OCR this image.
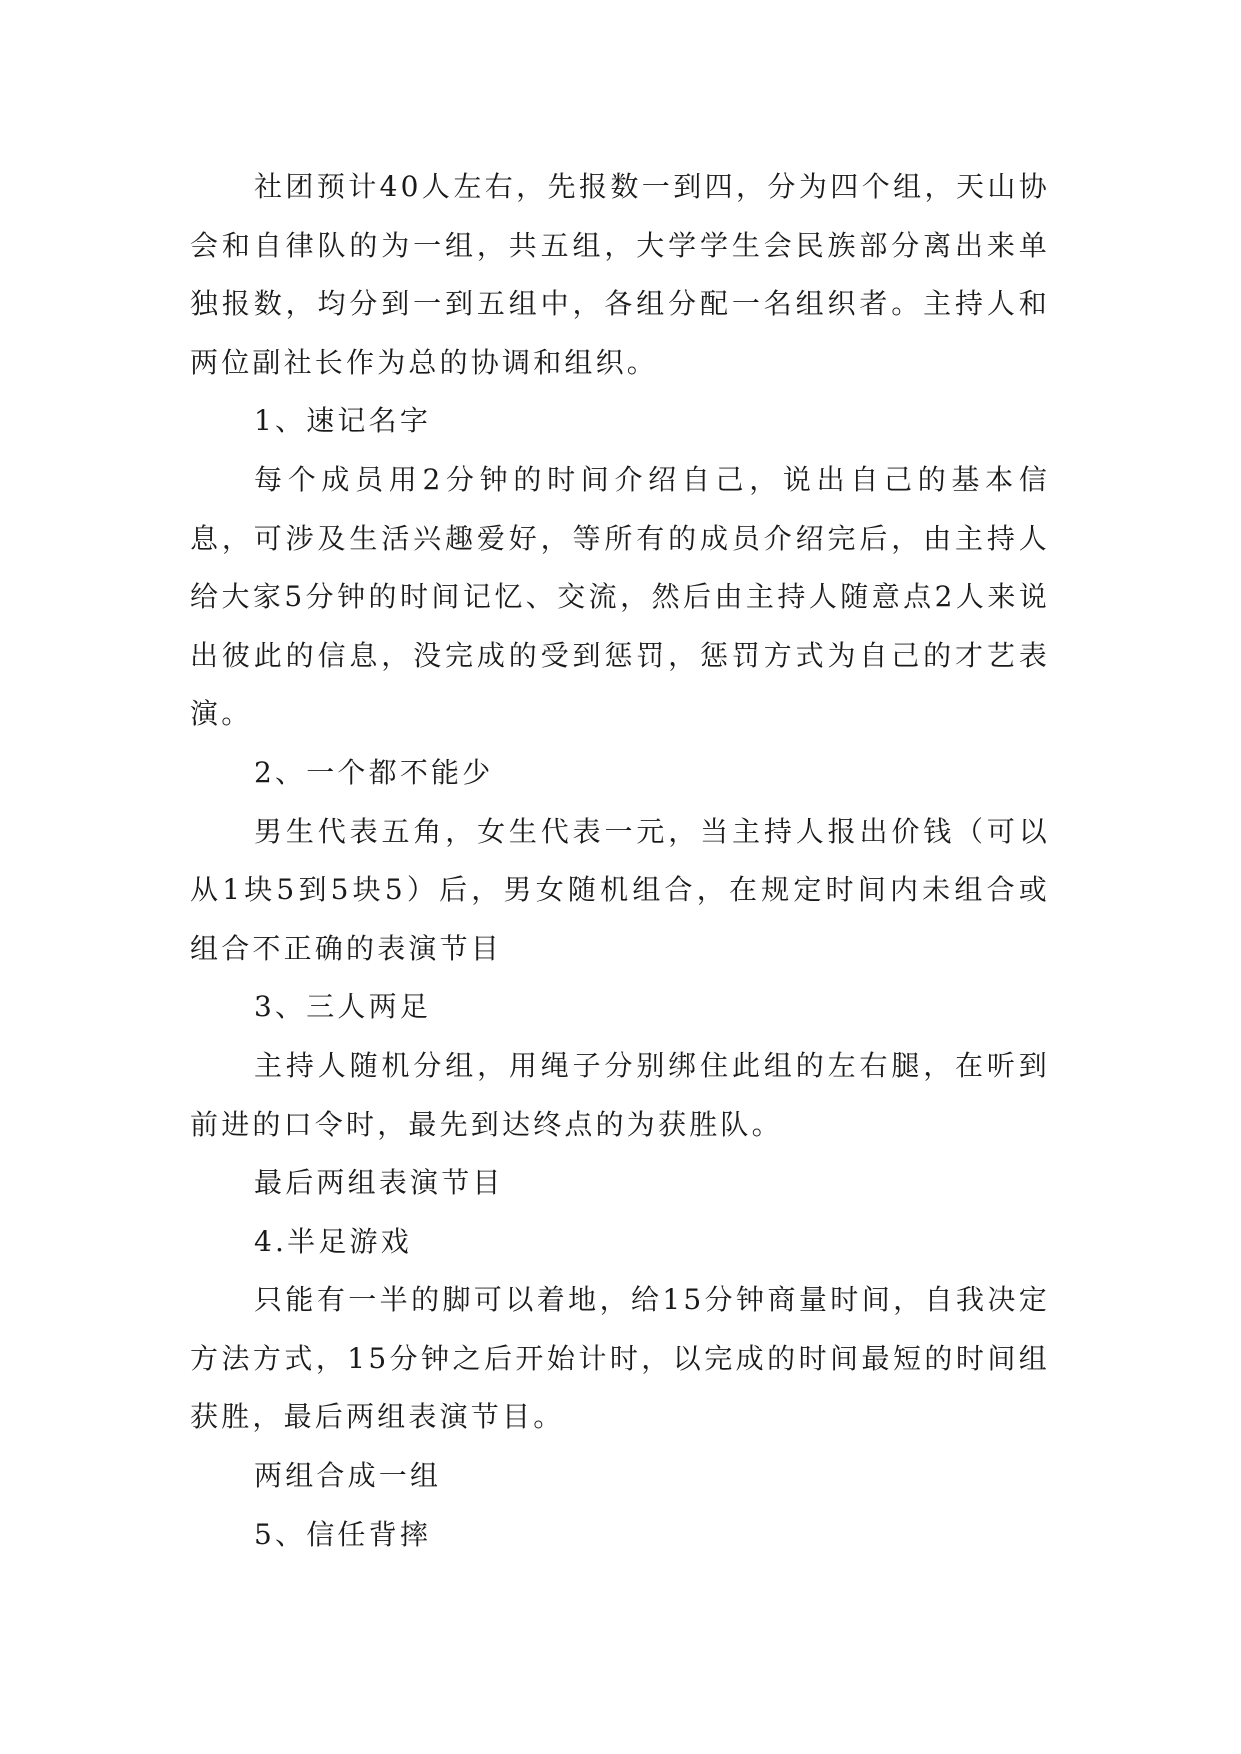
社团预计40人左右，先报数一到四，分为四个组，天山协会和自律队的为一组，共五组，大学学生会民族部分离出来单独报数，均分到一到五组中，各组分配一名组织者。主持人和两位副社长作为总的协调和组织。

1、速记名字

每个成员用2分钟的时间介绍自己，说出自己的基本信息，可涉及生活兴趣爱好，等所有的成员介绍完后，由主持人给大家5分钟的时间记忆、交流，然后由主持人随意点2人来说出彼此的信息，没完成的受到惩罚，惩罚方式为自己的才艺表演。

2、一个都不能少

男生代表五角，女生代表一元，当主持人报出价钱（可以从1块5到5块5）后，男女随机组合，在规定时间内未组合或组合不正确的表演节目

3、三人两足

主持人随机分组，用绳子分别绑住此组的左右腿，在听到前进的口令时，最先到达终点的为获胜队。

最后两组表演节目

4.半足游戏

只能有一半的脚可以着地，给15分钟商量时间，自我决定方法方式，15分钟之后开始计时，以完成的时间最短的时间组获胜，最后两组表演节目。

两组合成一组

5、信任背摔
